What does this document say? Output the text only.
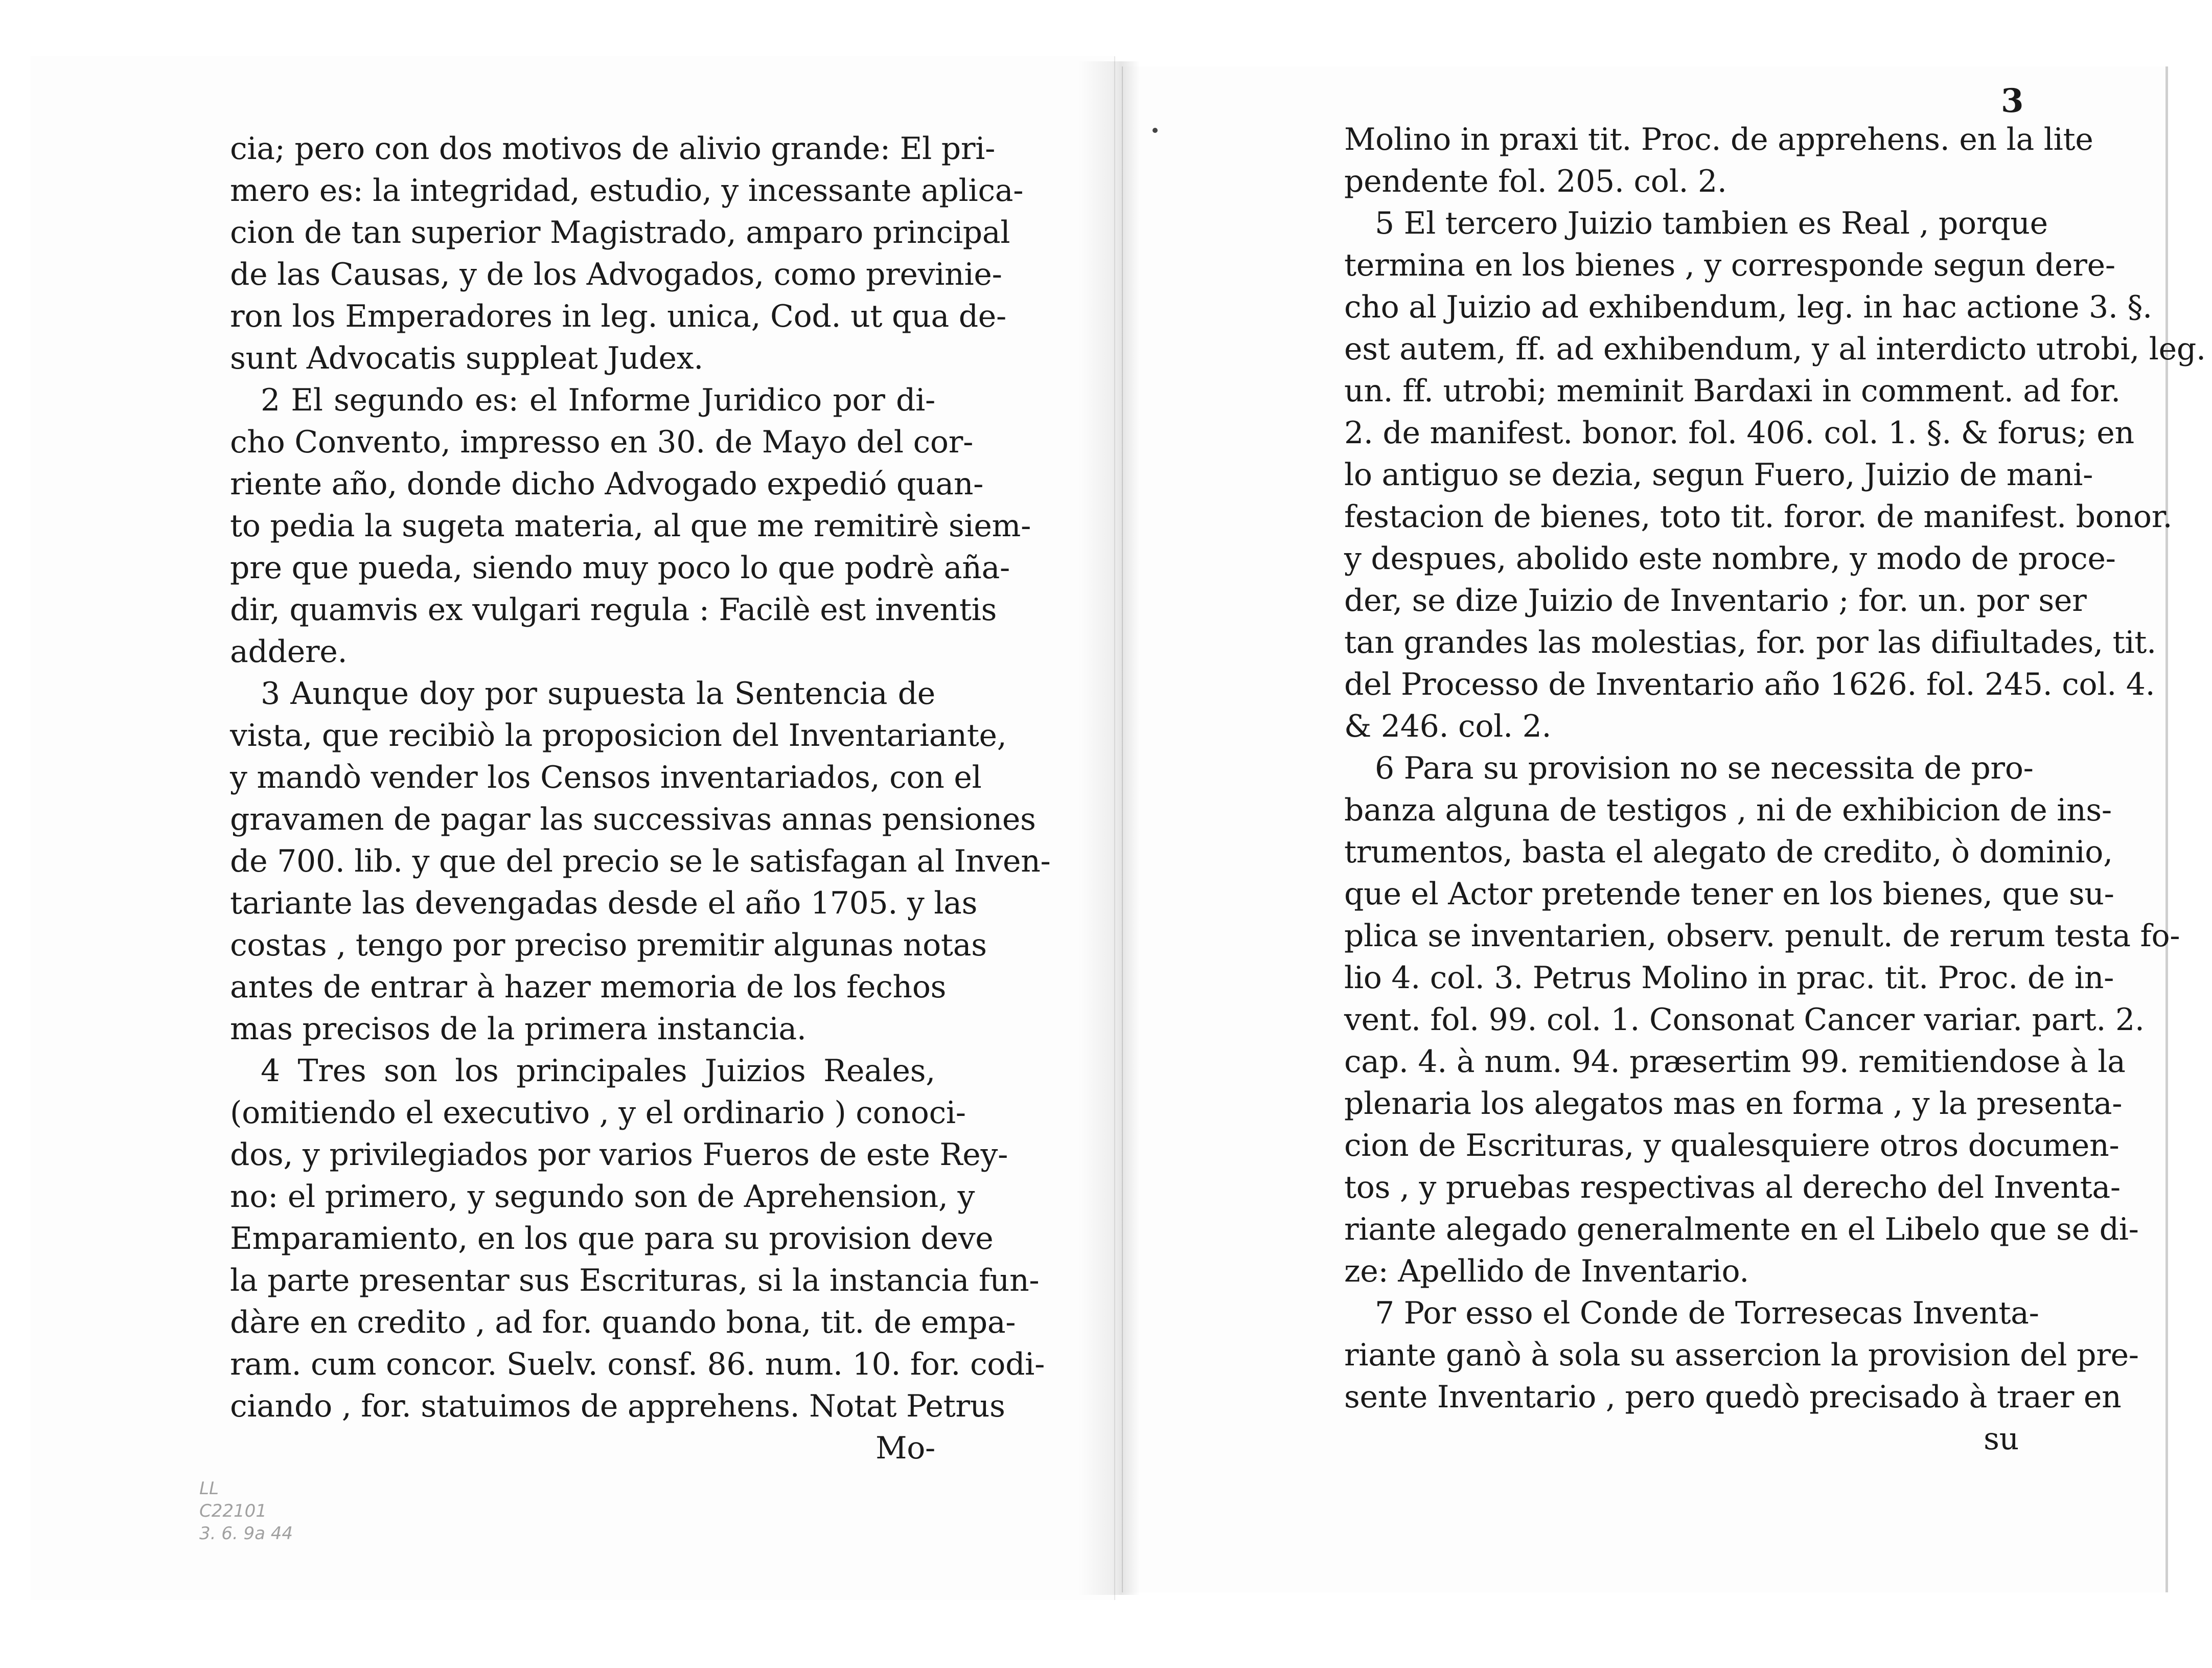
3
cia; pero con dos motivos de alivio grande: El pri-
mero es: la integridad, estudio, y incessante aplica-
cion de tan superior Magistrado, amparo principal
de las Causas, y de los Advogados, como previnie-
ron los Emperadores in leg. unica, Cod. ut qua de-
sunt Advocatis suppleat Judex.
2 El segundo es: el Informe Juridico por di-
cho Convento, impresso en 30. de Mayo del cor-
riente año, donde dicho Advogado expedió quan-
to pedia la sugeta materia, al que me remitirè siem-
pre que pueda, siendo muy poco lo que podrè aña-
dir, quamvis ex vulgari regula : Facilè est inventis
addere.
3 Aunque doy por supuesta la Sentencia de
vista, que recibiò la proposicion del Inventariante,
y mandò vender los Censos inventariados, con el
gravamen de pagar las successivas annas pensiones
de 700. lib. y que del precio se le satisfagan al Inven-
tariante las devengadas desde el año 1705. y las
costas , tengo por preciso premitir algunas notas
antes de entrar à hazer memoria de los fechos
mas precisos de la primera instancia.
4 Tres son los principales Juizios Reales,
(omitiendo el executivo , y el ordinario ) conoci-
dos, y privilegiados por varios Fueros de este Rey-
no: el primero, y segundo son de Aprehension, y
Emparamiento, en los que para su provision deve
la parte presentar sus Escrituras, si la instancia fun-
dàre en credito , ad for. quando bona, tit. de empa-
ram. cum concor. Suelv. consf. 86. num. 10. for. codi-
ciando , for. statuimos de apprehens. Notat Petrus
Mo-
Molino in praxi tit. Proc. de apprehens. en la lite
pendente fol. 205. col. 2.
5 El tercero Juizio tambien es Real , porque
termina en los bienes , y corresponde segun dere-
cho al Juizio ad exhibendum, leg. in hac actione 3. §.
est autem, ff. ad exhibendum, y al interdicto utrobi, leg.
un. ff. utrobi; meminit Bardaxi in comment. ad for.
2. de manifest. bonor. fol. 406. col. 1. §. & forus; en
lo antiguo se dezia, segun Fuero, Juizio de mani-
festacion de bienes, toto tit. foror. de manifest. bonor.
y despues, abolido este nombre, y modo de proce-
der, se dize Juizio de Inventario ; for. un. por ser
tan grandes las molestias, for. por las difiultades, tit.
del Processo de Inventario año 1626. fol. 245. col. 4.
& 246. col. 2.
6 Para su provision no se necessita de pro-
banza alguna de testigos , ni de exhibicion de ins-
trumentos, basta el alegato de credito, ò dominio,
que el Actor pretende tener en los bienes, que su-
plica se inventarien, observ. penult. de rerum testa fo-
lio 4. col. 3. Petrus Molino in prac. tit. Proc. de in-
vent. fol. 99. col. 1. Consonat Cancer variar. part. 2.
cap. 4. à num. 94. præsertim 99. remitiendose à la
plenaria los alegatos mas en forma , y la presenta-
cion de Escrituras, y qualesquiere otros documen-
tos , y pruebas respectivas al derecho del Inventa-
riante alegado generalmente en el Libelo que se di-
ze: Apellido de Inventario.
7 Por esso el Conde de Torresecas Inventa-
riante ganò à sola su assercion la provision del pre-
sente Inventario , pero quedò precisado à traer en
su
LL
C22101
3. 6. 9a 44
